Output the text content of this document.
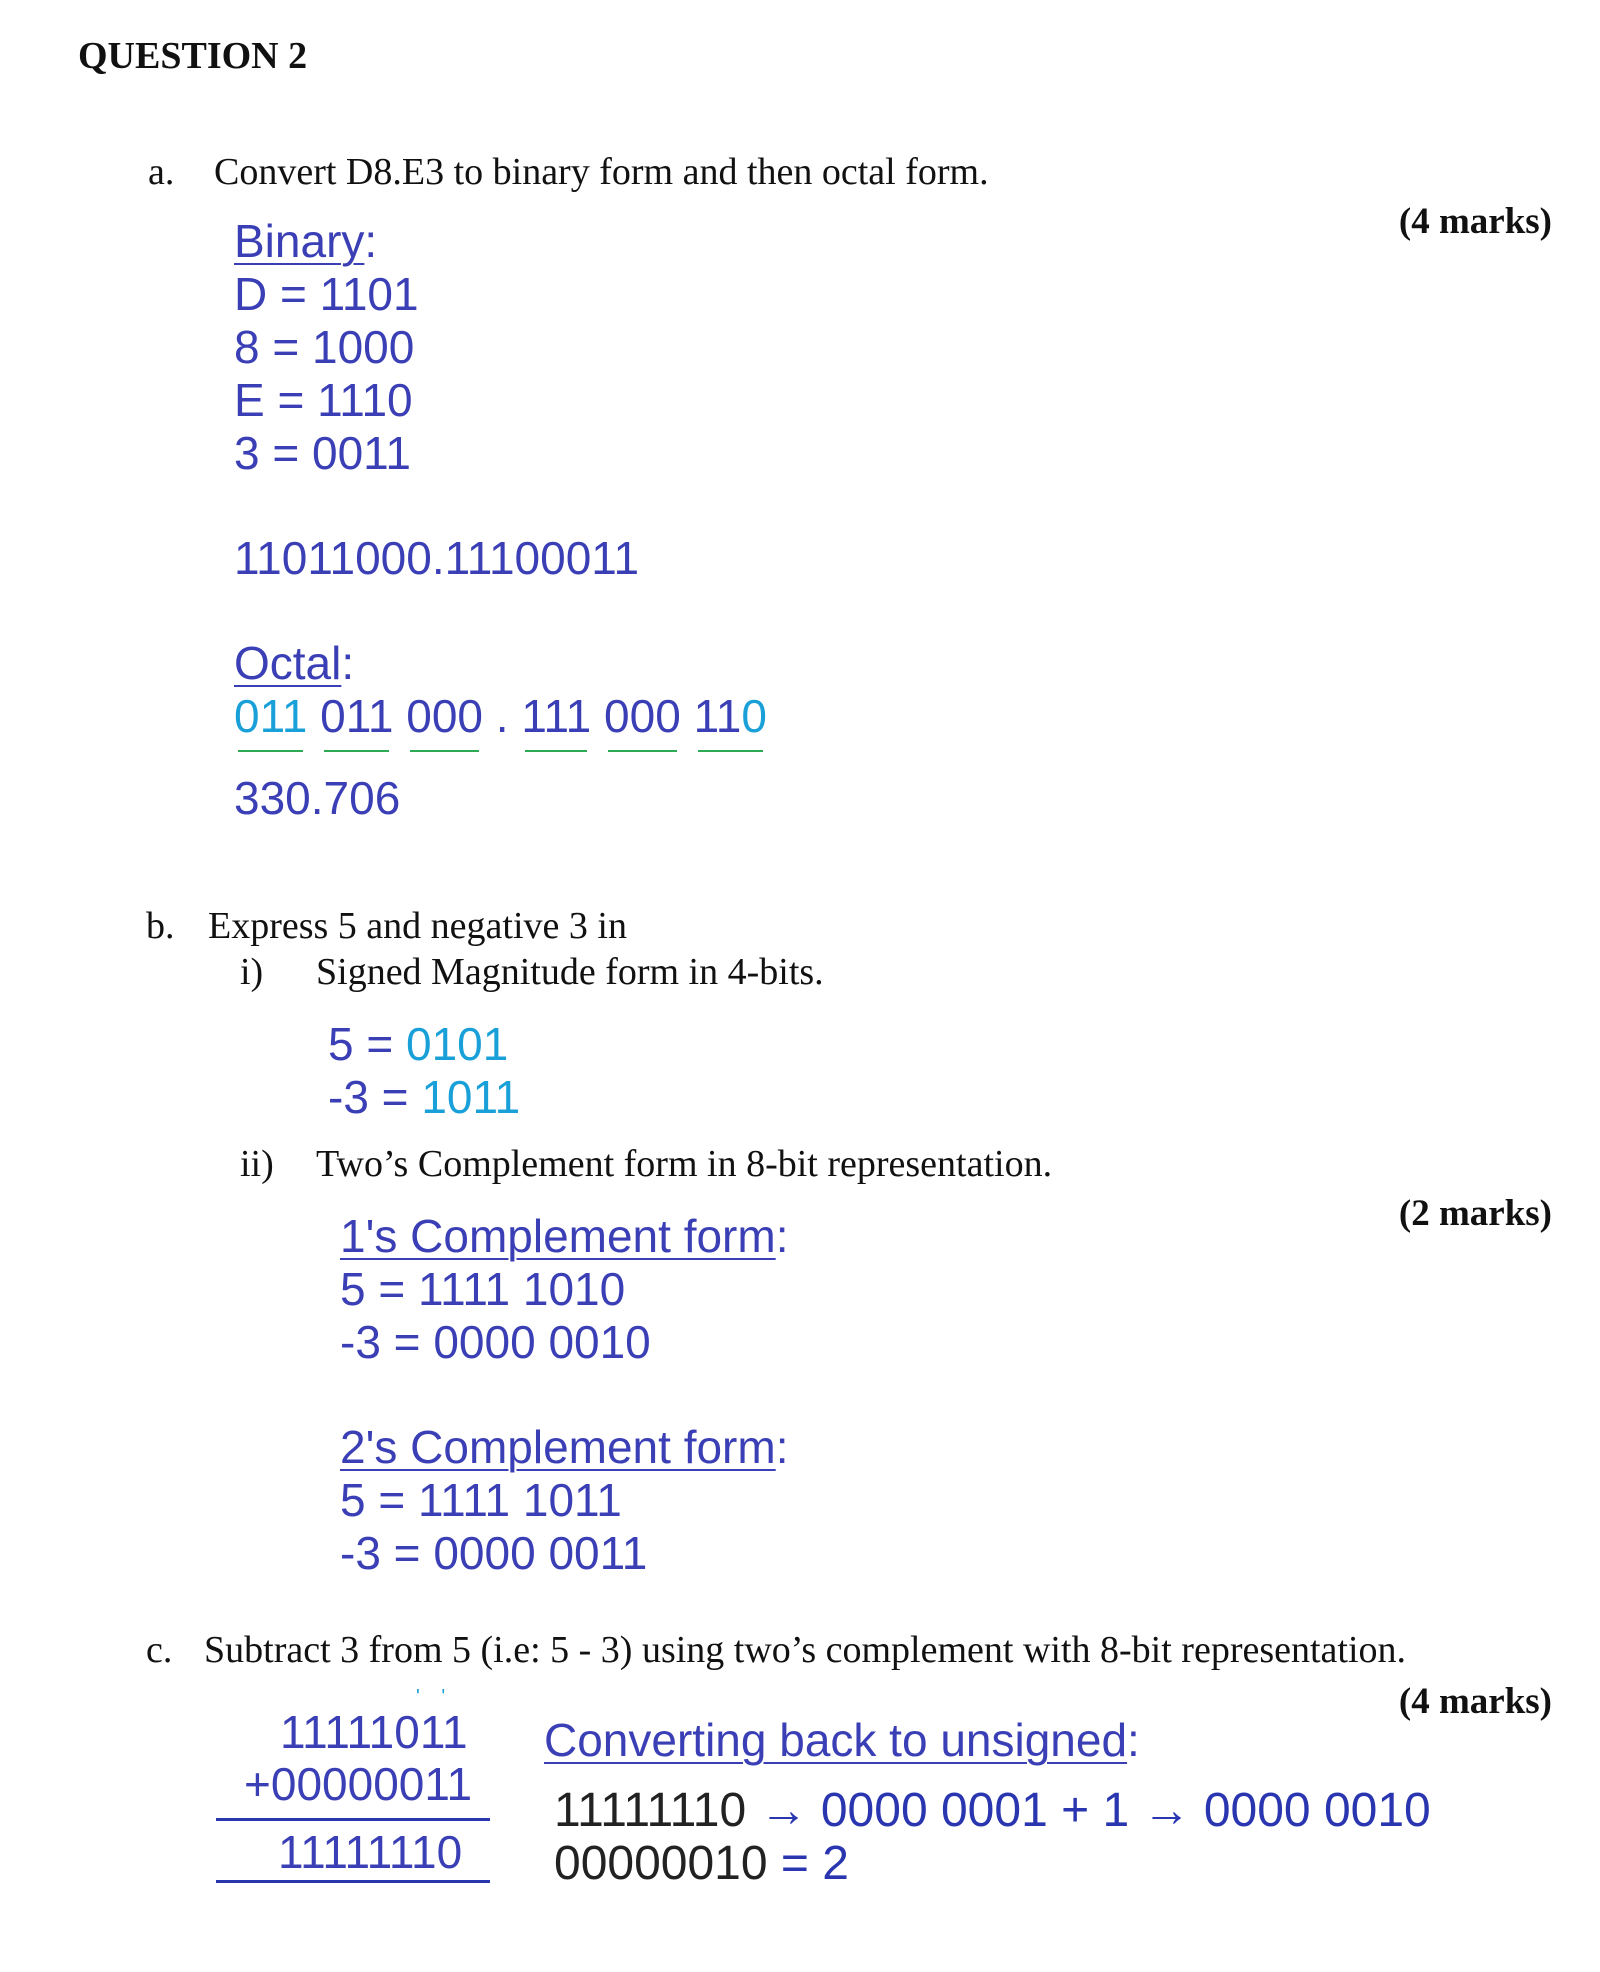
QUESTION 2
a. Convert D8.E3 to binary form and then octal form.
(4 marks)
Binary:
D = 1101
8 = 1000
E = 1110
3 = 0011
11011000.11100011
Octal:
011 011 000 . 111 000 110
330.706
b. Express 5 and negative 3 in
i) Signed Magnitude form in 4-bits.
5 = 0101
-3 = 1011
ii) Two’s Complement form in 8-bit representation.
(2 marks)
1's Complement form:
5 = 1111 1010
-3 = 0000 0010
2's Complement form:
5 = 1111 1011
-3 = 0000 0011
c. Subtract 3 from 5 (i.e: 5 - 3) using two’s complement with 8-bit representation.
(4 marks)
' '
11111011
+00000011
11111110
Converting back to unsigned:
11111110 → 0000 0001 + 1 → 0000 0010
00000010 = 2
